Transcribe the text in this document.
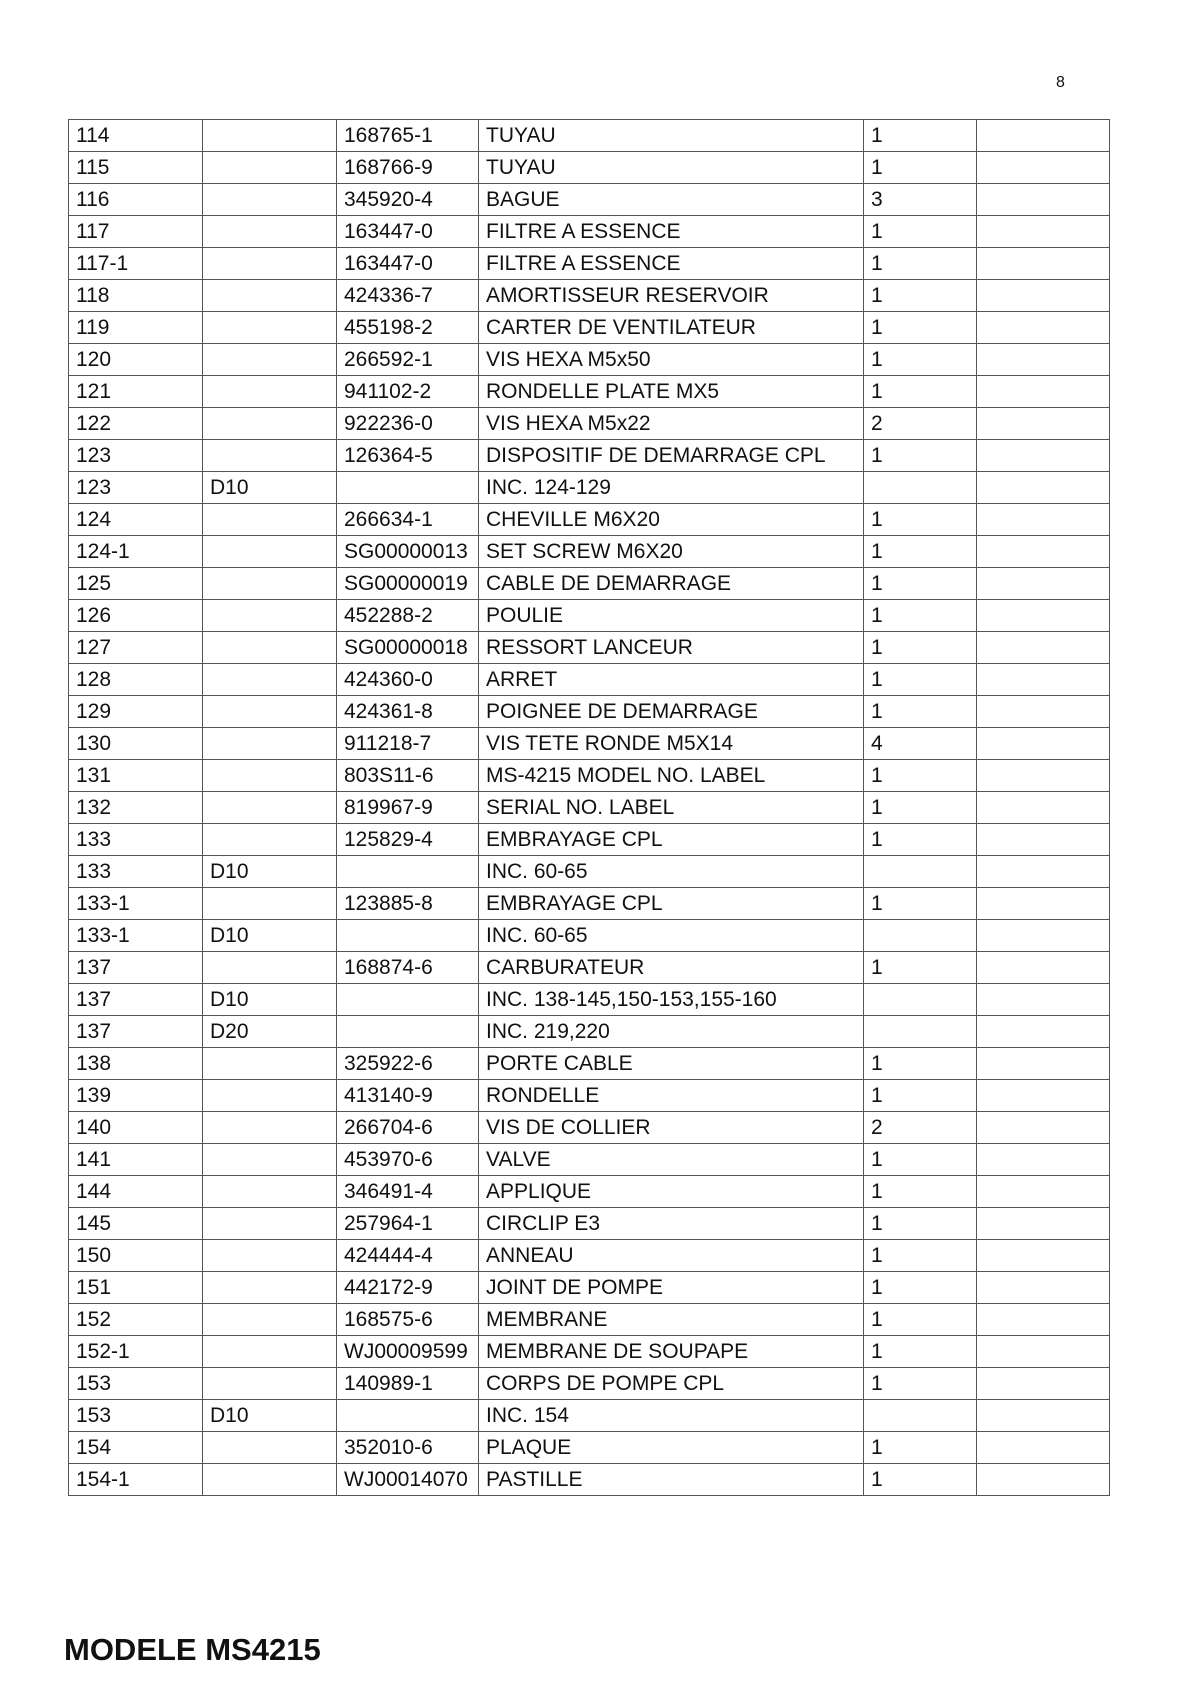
8
114		168765-1	TUYAU	1	
115		168766-9	TUYAU	1	
116		345920-4	BAGUE	3	
117		163447-0	FILTRE A ESSENCE	1	
117-1		163447-0	FILTRE A ESSENCE	1	
118		424336-7	AMORTISSEUR RESERVOIR	1	
119		455198-2	CARTER DE VENTILATEUR	1	
120		266592-1	VIS HEXA M5x50	1	
121		941102-2	RONDELLE PLATE MX5	1	
122		922236-0	VIS HEXA M5x22	2	
123		126364-5	DISPOSITIF DE DEMARRAGE CPL	1	
123	D10		INC. 124-129		
124		266634-1	CHEVILLE M6X20	1	
124-1		SG00000013	SET SCREW M6X20	1	
125		SG00000019	CABLE DE DEMARRAGE	1	
126		452288-2	POULIE	1	
127		SG00000018	RESSORT LANCEUR	1	
128		424360-0	ARRET	1	
129		424361-8	POIGNEE DE DEMARRAGE	1	
130		911218-7	VIS TETE RONDE M5X14	4	
131		803S11-6	MS-4215 MODEL NO. LABEL	1	
132		819967-9	SERIAL NO. LABEL	1	
133		125829-4	EMBRAYAGE CPL	1	
133	D10		INC. 60-65		
133-1		123885-8	EMBRAYAGE CPL	1	
133-1	D10		INC. 60-65		
137		168874-6	CARBURATEUR	1	
137	D10		INC. 138-145,150-153,155-160		
137	D20		INC. 219,220		
138		325922-6	PORTE CABLE	1	
139		413140-9	RONDELLE	1	
140		266704-6	VIS DE COLLIER	2	
141		453970-6	VALVE	1	
144		346491-4	APPLIQUE	1	
145		257964-1	CIRCLIP E3	1	
150		424444-4	ANNEAU	1	
151		442172-9	JOINT DE POMPE	1	
152		168575-6	MEMBRANE	1	
152-1		WJ00009599	MEMBRANE DE SOUPAPE	1	
153		140989-1	CORPS DE POMPE CPL	1	
153	D10		INC. 154		
154		352010-6	PLAQUE	1	
154-1		WJ00014070	PASTILLE	1	
MODELE MS4215
